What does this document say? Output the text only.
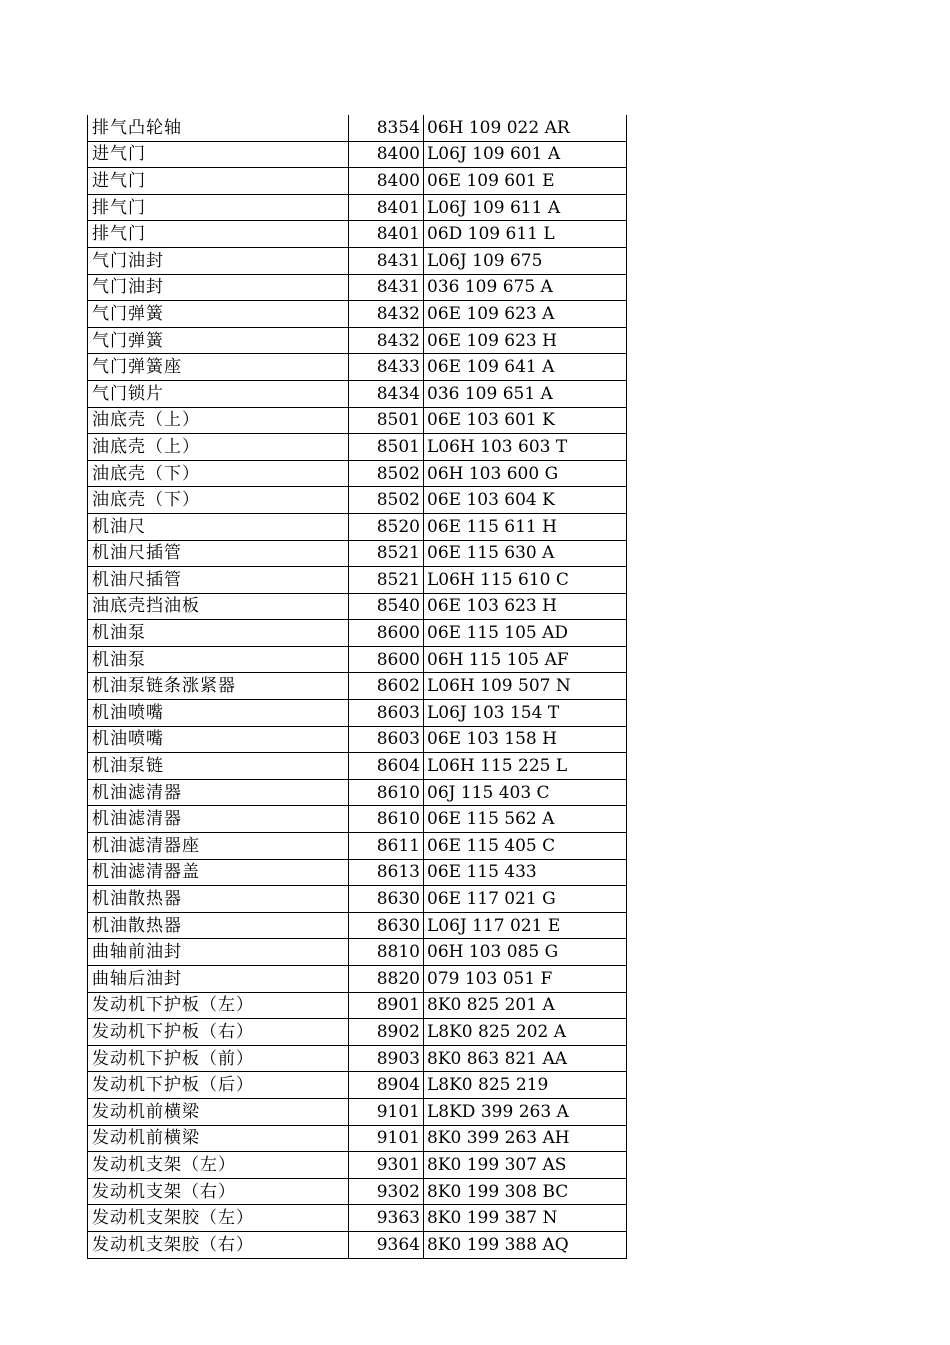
排气凸轮轴	8354	06H 109 022 AR
进气门	8400	L06J 109 601 A
进气门	8400	06E 109 601 E
排气门	8401	L06J 109 611 A
排气门	8401	06D 109 611 L
气门油封	8431	L06J 109 675
气门油封	8431	036 109 675 A
气门弹簧	8432	06E 109 623 A
气门弹簧	8432	06E 109 623 H
气门弹簧座	8433	06E 109 641 A
气门锁片	8434	036 109 651 A
油底壳（上）	8501	06E 103 601 K
油底壳（上）	8501	L06H 103 603 T
油底壳（下）	8502	06H 103 600 G
油底壳（下）	8502	06E 103 604 K
机油尺	8520	06E 115 611 H
机油尺插管	8521	06E 115 630 A
机油尺插管	8521	L06H 115 610 C
油底壳挡油板	8540	06E 103 623 H
机油泵	8600	06E 115 105 AD
机油泵	8600	06H 115 105 AF
机油泵链条涨紧器	8602	L06H 109 507 N
机油喷嘴	8603	L06J 103 154 T
机油喷嘴	8603	06E 103 158 H
机油泵链	8604	L06H 115 225 L
机油滤清器	8610	06J 115 403 C
机油滤清器	8610	06E 115 562 A
机油滤清器座	8611	06E 115 405 C
机油滤清器盖	8613	06E 115 433
机油散热器	8630	06E 117 021 G
机油散热器	8630	L06J 117 021 E
曲轴前油封	8810	06H 103 085 G
曲轴后油封	8820	079 103 051 F
发动机下护板（左）	8901	8K0 825 201 A
发动机下护板（右）	8902	L8K0 825 202 A
发动机下护板（前）	8903	8K0 863 821 AA
发动机下护板（后）	8904	L8K0 825 219
发动机前横梁	9101	L8KD 399 263 A
发动机前横梁	9101	8K0 399 263 AH
发动机支架（左）	9301	8K0 199 307 AS
发动机支架（右）	9302	8K0 199 308 BC
发动机支架胶（左）	9363	8K0 199 387 N
发动机支架胶（右）	9364	8K0 199 388 AQ
